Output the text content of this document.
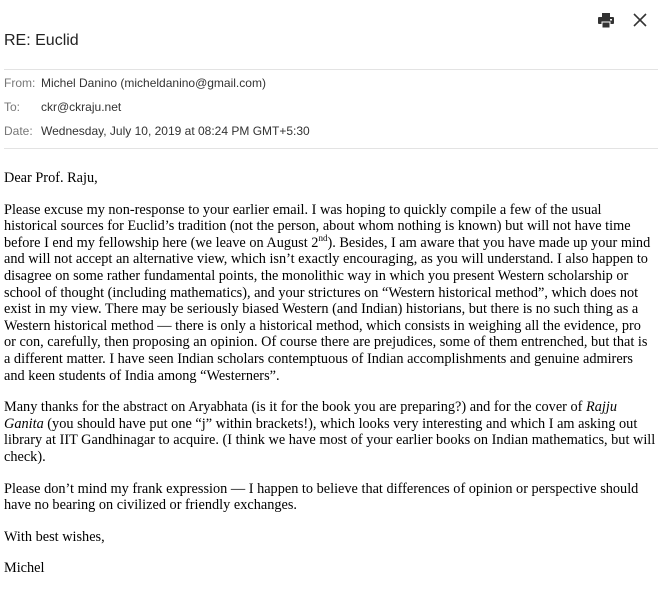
RE: Euclid
From: Michel Danino (micheldanino@gmail.com)
To:	ckr@ckraju.net
Date: Wednesday, July 10, 2019 at 08:24 PM GMT+5:30

Dear Prof. Raju,

Please excuse my non-response to your earlier email. I was hoping to quickly compile a few of the usual historical sources for Euclid’s tradition (not the person, about whom nothing is known) but will not have time before I end my fellowship here (we leave on August 2nd). Besides, I am aware that you have made up your mind and will not accept an alternative view, which isn’t exactly encouraging, as you will understand. I also happen to disagree on some rather fundamental points, the monolithic way in which you present Western scholarship or school of thought (including mathematics), and your strictures on “Western historical method”, which does not exist in my view. There may be seriously biased Western (and Indian) historians, but there is no such thing as a Western historical method — there is only a historical method, which consists in weighing all the evidence, pro or con, carefully, then proposing an opinion. Of course there are prejudices, some of them entrenched, but that is a different matter. I have seen Indian scholars contemptuous of Indian accomplishments and genuine admirers and keen students of India among “Westerners”.

Many thanks for the abstract on Aryabhata (is it for the book you are preparing?) and for the cover of Rajju Ganita (you should have put one “j” within brackets!), which looks very interesting and which I am asking out library at IIT Gandhinagar to acquire. (I think we have most of your earlier books on Indian mathematics, but will check).

Please don’t mind my frank expression — I happen to believe that differences of opinion or perspective should have no bearing on civilized or friendly exchanges.

With best wishes,

Michel
